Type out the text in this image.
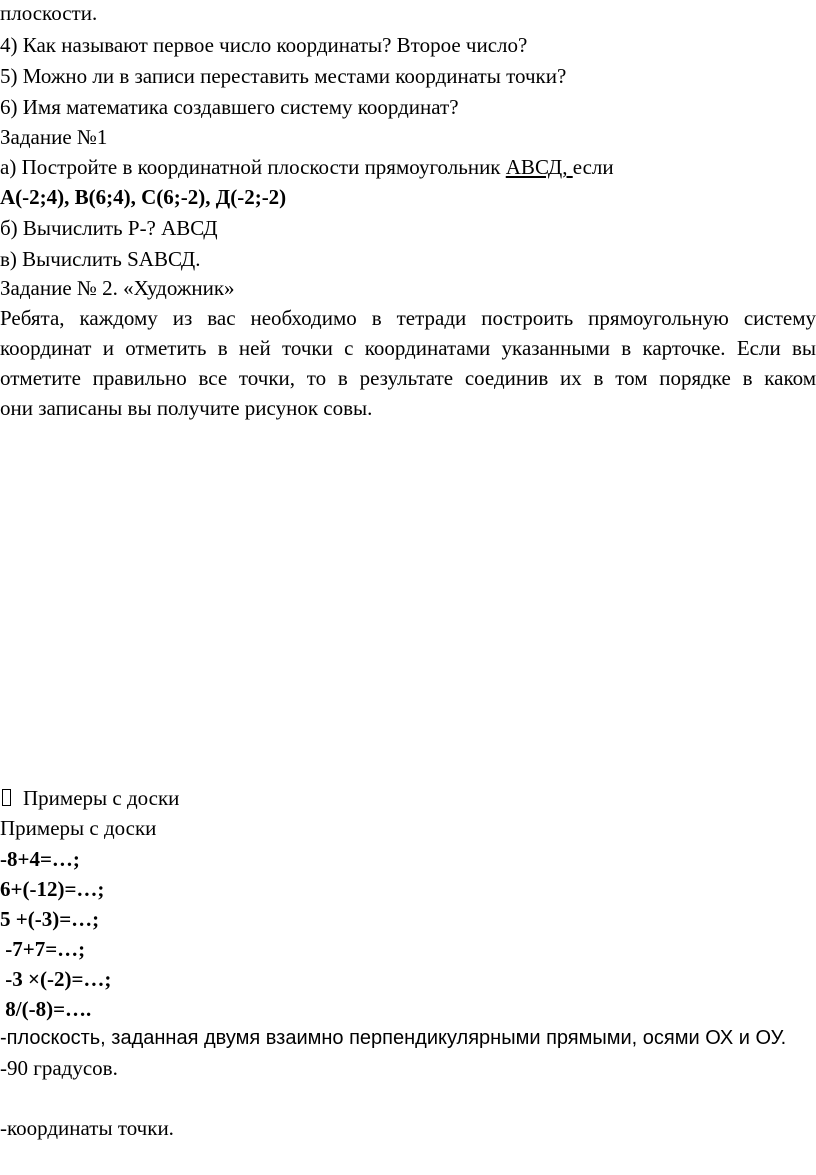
плоскости.
4) Как называют первое число координаты? Второе число?
5) Можно ли в записи переставить местами координаты точки?
6) Имя математика создавшего систему координат?
Задание №1
а) Постройте в координатной плоскости прямоугольник АВСД, если
А(-2;4), В(6;4), С(6;-2), Д(-2;-2)
б) Вычислить Р-? АВСД
в) Вычислить SАВСД.
Задание № 2. «Художник»
Ребята, каждому из вас необходимо в тетради построить прямоугольную систему
координат и отметить в ней точки с координатами указанными в карточке. Если вы
отметите правильно все точки, то в результате соединив их в том порядке в каком
они записаны вы получите рисунок совы.
Примеры с доски
Примеры с доски
-8+4=…;
6+(-12)=…;
5 +(-3)=…;
-7+7=…;
-3 ×(-2)=…;
8/(-8)=….
-плоскость, заданная двумя взаимно перпендикулярными прямыми, осями ОХ и ОУ.
-90 градусов.
-координаты точки.
